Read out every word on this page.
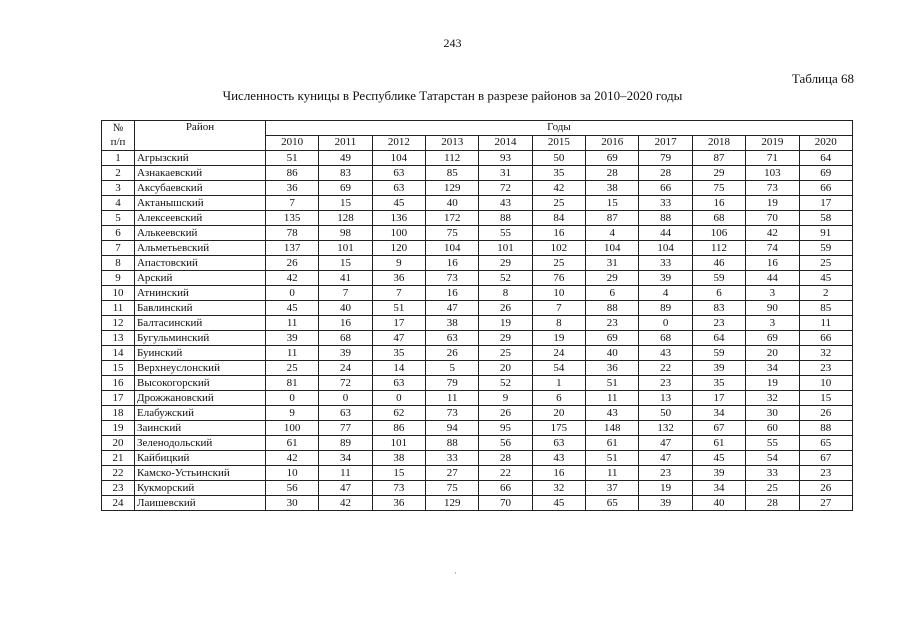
243
Таблица 68
Численность куницы в Республике Татарстан в разрезе районов за 2010–2020 годы
№
п/п	Район	Годы										
		2010	2011	2012	2013	2014	2015	2016	2017	2018	2019	2020
1	Агрызский	51	49	104	112	93	50	69	79	87	71	64
2	Азнакаевский	86	83	63	85	31	35	28	28	29	103	69
3	Аксубаевский	36	69	63	129	72	42	38	66	75	73	66
4	Актанышский	7	15	45	40	43	25	15	33	16	19	17
5	Алексеевский	135	128	136	172	88	84	87	88	68	70	58
6	Алькеевский	78	98	100	75	55	16	4	44	106	42	91
7	Альметьевский	137	101	120	104	101	102	104	104	112	74	59
8	Апастовский	26	15	9	16	29	25	31	33	46	16	25
9	Арский	42	41	36	73	52	76	29	39	59	44	45
10	Атнинский	0	7	7	16	8	10	6	4	6	3	2
11	Бавлинский	45	40	51	47	26	7	88	89	83	90	85
12	Балтасинский	11	16	17	38	19	8	23	0	23	3	11
13	Бугульминский	39	68	47	63	29	19	69	68	64	69	66
14	Буинский	11	39	35	26	25	24	40	43	59	20	32
15	Верхнеуслонский	25	24	14	5	20	54	36	22	39	34	23
16	Высокогорский	81	72	63	79	52	1	51	23	35	19	10
17	Дрожжановский	0	0	0	11	9	6	11	13	17	32	15
18	Елабужский	9	63	62	73	26	20	43	50	34	30	26
19	Заинский	100	77	86	94	95	175	148	132	67	60	88
20	Зеленодольский	61	89	101	88	56	63	61	47	61	55	65
21	Кайбицкий	42	34	38	33	28	43	51	47	45	54	67
22	Камско-Устьинский	10	11	15	27	22	16	11	23	39	33	23
23	Кукморский	56	47	73	75	66	32	37	19	34	25	26
24	Лаишевский	30	42	36	129	70	45	65	39	40	28	27
